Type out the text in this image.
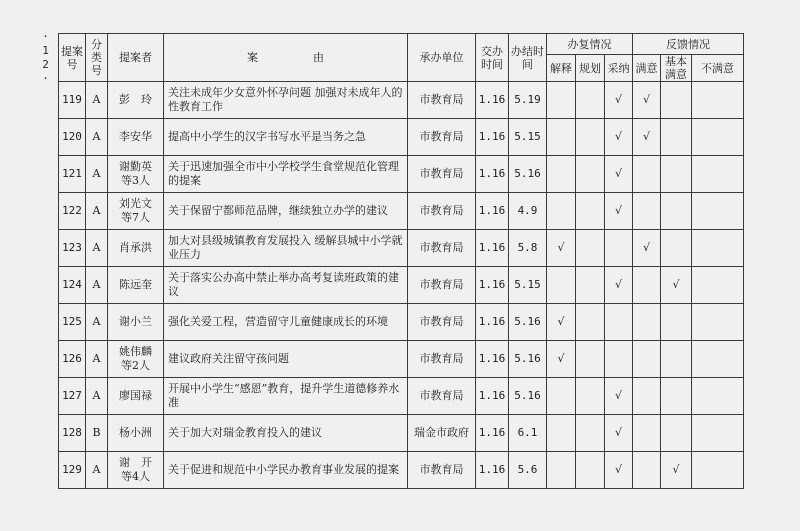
·12· 提案号	分类号	提案者	案　　　　　由	承办单位	交办时间	办结时间	办复情况			反馈情况		
							解释	规划	采纳	满意	基本满意	不满意
119	A	彭　玲	关注未成年少女意外怀孕问题 加强对未成年人的性教育工作	市教育局	1.16	5.19			√	√		
120	A	李安华	提高中小学生的汉字书写水平是当务之急	市教育局	1.16	5.15			√	√		
121	A	谢勤英
等3人	关于迅速加强全市中小学校学生食堂规范化管理的提案	市教育局	1.16	5.16			√			
122	A	刘光文
等7人	关于保留宁都师范品牌，继续独立办学的建议	市教育局	1.16	4.9			√			
123	A	肖承洪	加大对县级城镇教育发展投入 缓解县城中小学就业压力	市教育局	1.16	5.8	√			√		
124	A	陈远奎	关于落实公办高中禁止举办高考复读班政策的建议	市教育局	1.16	5.15			√		√	
125	A	谢小兰	强化关爱工程，营造留守儿童健康成长的环境	市教育局	1.16	5.16	√					
126	A	姚伟麟
等2人	建议政府关注留守孩问题	市教育局	1.16	5.16	√					
127	A	廖国禄	开展中小学生“感恩”教育，提升学生道德修养水准	市教育局	1.16	5.16			√			
128	B	杨小洲	关于加大对瑞金教育投入的建议	瑞金市政府	1.16	6.1			√			
129	A	谢　开
等4人	关于促进和规范中小学民办教育事业发展的提案	市教育局	1.16	5.6			√		√	
